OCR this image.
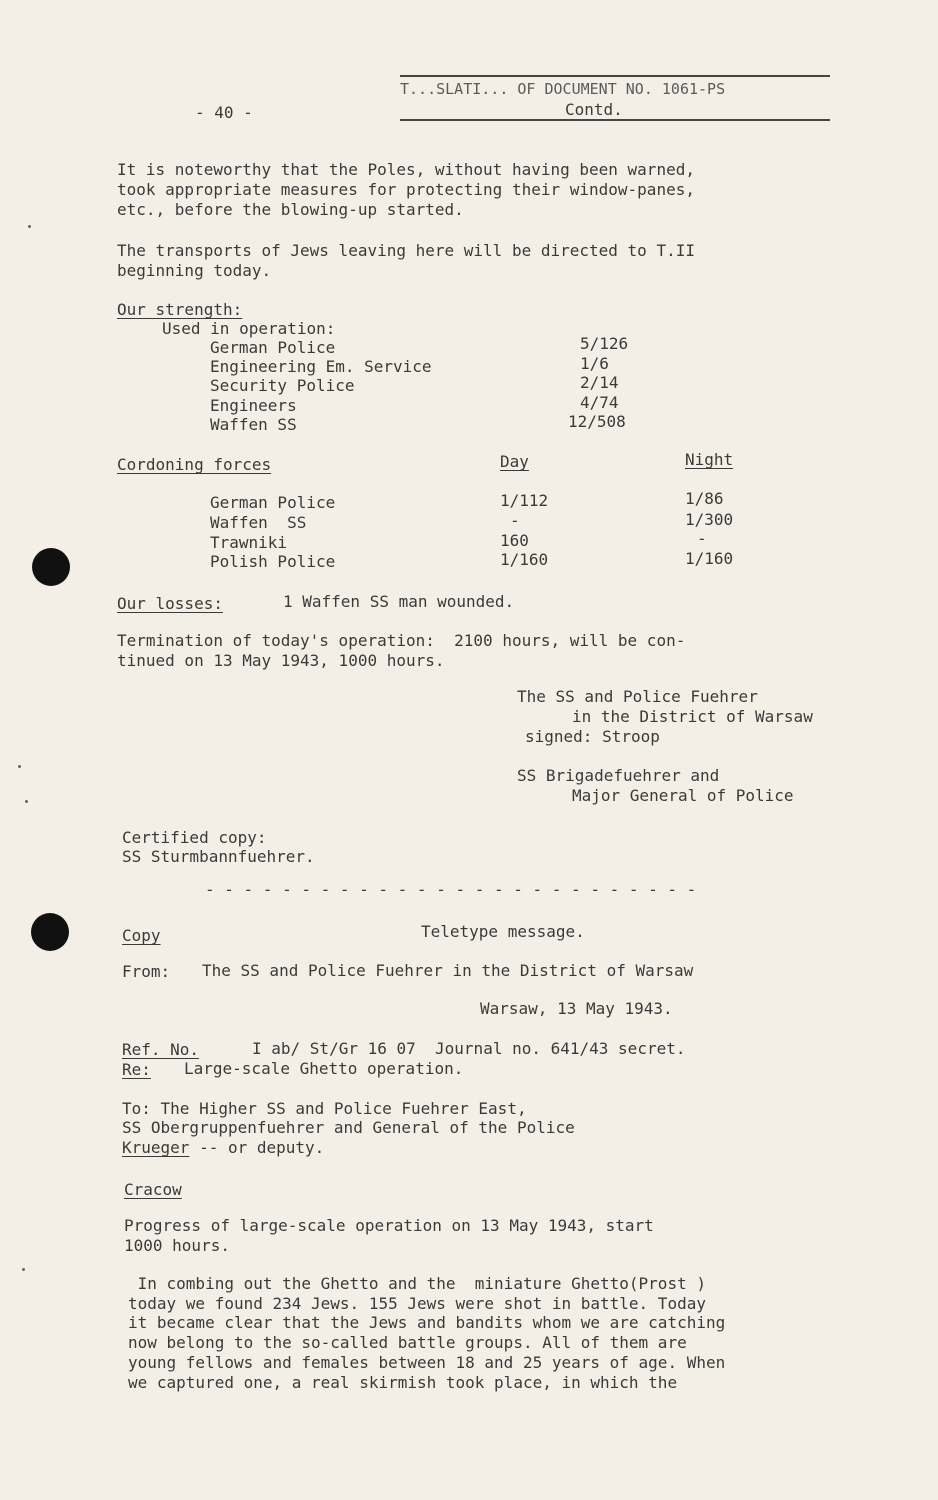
- 40 -
T...SLATI... OF DOCUMENT NO. 1061-PS
Contd.
It is noteworthy that the Poles, without having been warned,
took appropriate measures for protecting their window-panes,
etc., before the blowing-up started.
The transports of Jews leaving here will be directed to T.II
beginning today.
Our strength:
Used in operation:
German Police	5/126
Engineering Em. Service	1/6
Security Police	2/14
Engineers	4/74
Waffen SS	12/508
Cordoning forces	Day	Night
German Police	1/112	1/86
Waffen  SS	-	1/300
Trawniki	160	-
Polish Police	1/160	1/160
Our losses:	1 Waffen SS man wounded.
Termination of today's operation:  2100 hours, will be con-
tinued on 13 May 1943, 1000 hours.
The SS and Police Fuehrer
in the District of Warsaw
signed: Stroop
SS Brigadefuehrer and
Major General of Police
Certified copy:
SS Sturmbannfuehrer.
- - - - - - - - - - - - - - - - - - - - - - - - - -
Copy	Teletype message.
From: The SS and Police Fuehrer in the District of Warsaw
Warsaw, 13 May 1943.
Ref. No.	I ab/ St/Gr 16 07  Journal no. 641/43 secret.
Re: Large-scale Ghetto operation.
To: The Higher SS and Police Fuehrer East,
SS Obergruppenfuehrer and General of the Police
Krueger -- or deputy.
Cracow
Progress of large-scale operation on 13 May 1943, start
1000 hours.
In combing out the Ghetto and the  miniature Ghetto(Prost )
today we found 234 Jews. 155 Jews were shot in battle. Today
it became clear that the Jews and bandits whom we are catching
now belong to the so-called battle groups. All of them are
young fellows and females between 18 and 25 years of age. When
we captured one, a real skirmish took place, in which the
